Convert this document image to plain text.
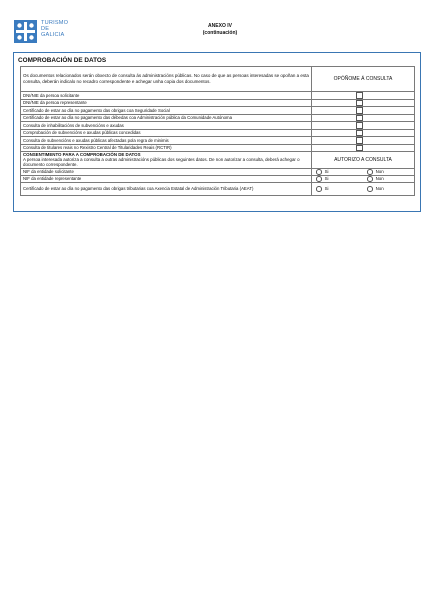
TURISMO
DE
GALICIA
ANEXO IV
(continuación)
COMPROBACIÓN DE DATOS
Os documentos relacionados serán obxecto de consulta ás administracións públicas. No caso de que as persoas interesadas se opoñan a esta consulta, deberán indicalo no recadro correspondente e achegar unha copia dos documentos.	OPÓÑOME Á CONSULTA
DNI/NIE da persoa solicitante	

DNI/NIE da persoa representante	

Certificado de estar ao día no pagamento das obrigas coa Seguridade Social	

Certificado de estar ao día no pagamento das débedas coa Administración pública da Comunidade Autónoma	

Consulta de inhabilitacións de subvencións e axudas	

Comprobación de subvencións e axudas públicas concedidas	

Consulta de subvencións e axudas públicas afectadas pola regra de minimis	

Consulta de titulares reais no Rexistro Central de Titularidades Reais (RCTIR)	

CONSENTIMENTO PARA A COMPROBACIÓN DE DATOS
A persoa interesada autoriza a consulta a outras administracións públicas dos seguintes datos. De non autorizar a consulta, deberá achegar o documento correspondente.	AUTORIZO A CONSULTA
NIF da entidade solicitante	Si Non

NIF da entidade representante	Si Non

Certificado de estar ao día no pagamento das obrigas tributarias coa Axencia Estatal de Administración Tributaria (AEAT)	Si Non
